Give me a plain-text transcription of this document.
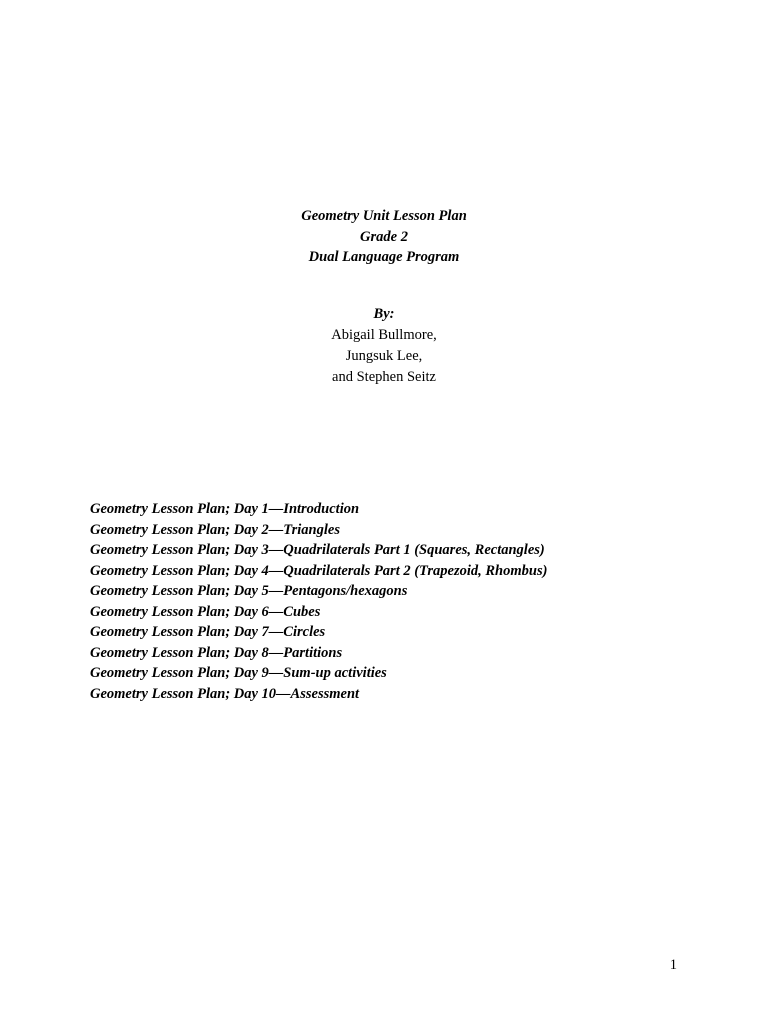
Geometry Unit Lesson Plan
Grade 2
Dual Language Program
By:
Abigail Bullmore,
Jungsuk Lee,
and Stephen Seitz
Geometry Lesson Plan; Day 1—Introduction
Geometry Lesson Plan; Day 2—Triangles
Geometry Lesson Plan; Day 3—Quadrilaterals Part 1 (Squares, Rectangles)
Geometry Lesson Plan; Day 4—Quadrilaterals Part 2 (Trapezoid, Rhombus)
Geometry Lesson Plan; Day 5—Pentagons/hexagons
Geometry Lesson Plan; Day 6—Cubes
Geometry Lesson Plan; Day 7—Circles
Geometry Lesson Plan; Day 8—Partitions
Geometry Lesson Plan; Day 9—Sum-up activities
Geometry Lesson Plan; Day 10—Assessment
1
